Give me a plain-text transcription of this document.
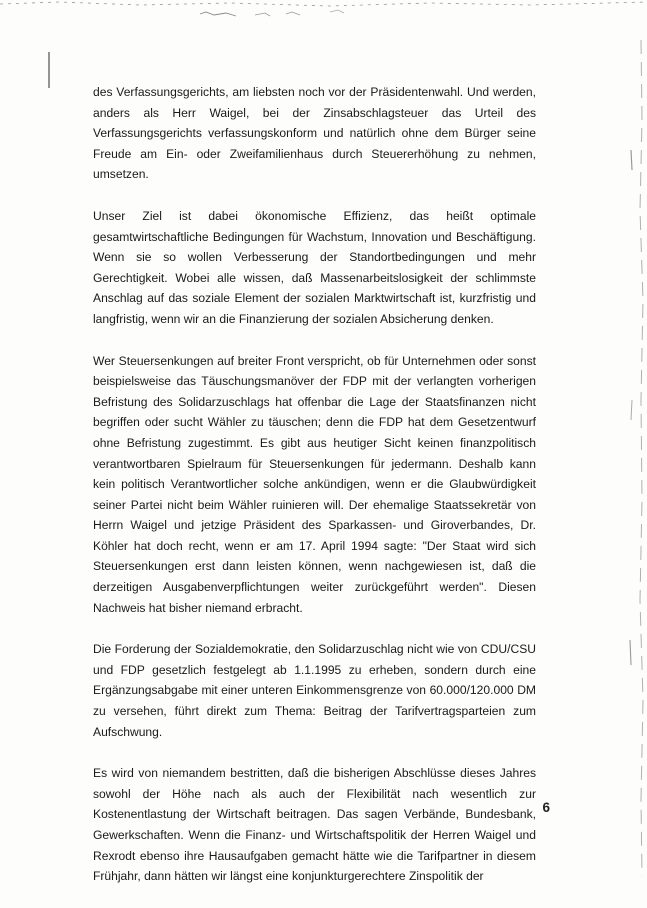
des Verfassungsgerichts, am liebsten noch vor der Präsidentenwahl. Und werden, anders als Herr Waigel, bei der Zinsabschlagsteuer das Urteil des Verfassungsgerichts verfassungskonform und natürlich ohne dem Bürger seine Freude am Ein- oder Zweifamilienhaus durch Steuererhöhung zu nehmen, umsetzen.

Unser Ziel ist dabei ökonomische Effizienz, das heißt optimale gesamtwirtschaftliche Bedingungen für Wachstum, Innovation und Beschäftigung. Wenn sie so wollen Verbesserung der Standortbedingungen und mehr Gerechtigkeit. Wobei alle wissen, daß Massenarbeitslosigkeit der schlimmste Anschlag auf das soziale Element der sozialen Marktwirtschaft ist, kurzfristig und langfristig, wenn wir an die Finanzierung der sozialen Absicherung denken.

Wer Steuersenkungen auf breiter Front verspricht, ob für Unternehmen oder sonst beispielsweise das Täuschungsmanöver der FDP mit der verlangten vorherigen Befristung des Solidarzuschlags hat offenbar die Lage der Staatsfinanzen nicht begriffen oder sucht Wähler zu täuschen; denn die FDP hat dem Gesetzentwurf ohne Befristung zugestimmt. Es gibt aus heutiger Sicht keinen finanzpolitisch verantwortbaren Spielraum für Steuersenkungen für jedermann. Deshalb kann kein politisch Verantwortlicher solche ankündigen, wenn er die Glaubwürdigkeit seiner Partei nicht beim Wähler ruinieren will. Der ehemalige Staatssekretär von Herrn Waigel und jetzige Präsident des Sparkassen- und Giroverbandes, Dr. Köhler hat doch recht, wenn er am 17. April 1994 sagte: "Der Staat wird sich Steuersenkungen erst dann leisten können, wenn nachgewiesen ist, daß die derzeitigen Ausgabenverpflichtungen weiter zurückgeführt werden". Diesen Nachweis hat bisher niemand erbracht.

Die Forderung der Sozialdemokratie, den Solidarzuschlag nicht wie von CDU/CSU und FDP gesetzlich festgelegt ab 1.1.1995 zu erheben, sondern durch eine Ergänzungsabgabe mit einer unteren Einkommensgrenze von 60.000/120.000 DM zu versehen, führt direkt zum Thema: Beitrag der Tarifvertragsparteien zum Aufschwung.

Es wird von niemandem bestritten, daß die bisherigen Abschlüsse dieses Jahres sowohl der Höhe nach als auch der Flexibilität nach wesentlich zur Kostenentlastung der Wirtschaft beitragen. Das sagen Verbände, Bundesbank, Gewerkschaften. Wenn die Finanz- und Wirtschaftspolitik der Herren Waigel und Rexrodt ebenso ihre Hausaufgaben gemacht hätte wie die Tarifpartner in diesem Frühjahr, dann hätten wir längst eine konjunkturgerechtere Zinspolitik der

6
